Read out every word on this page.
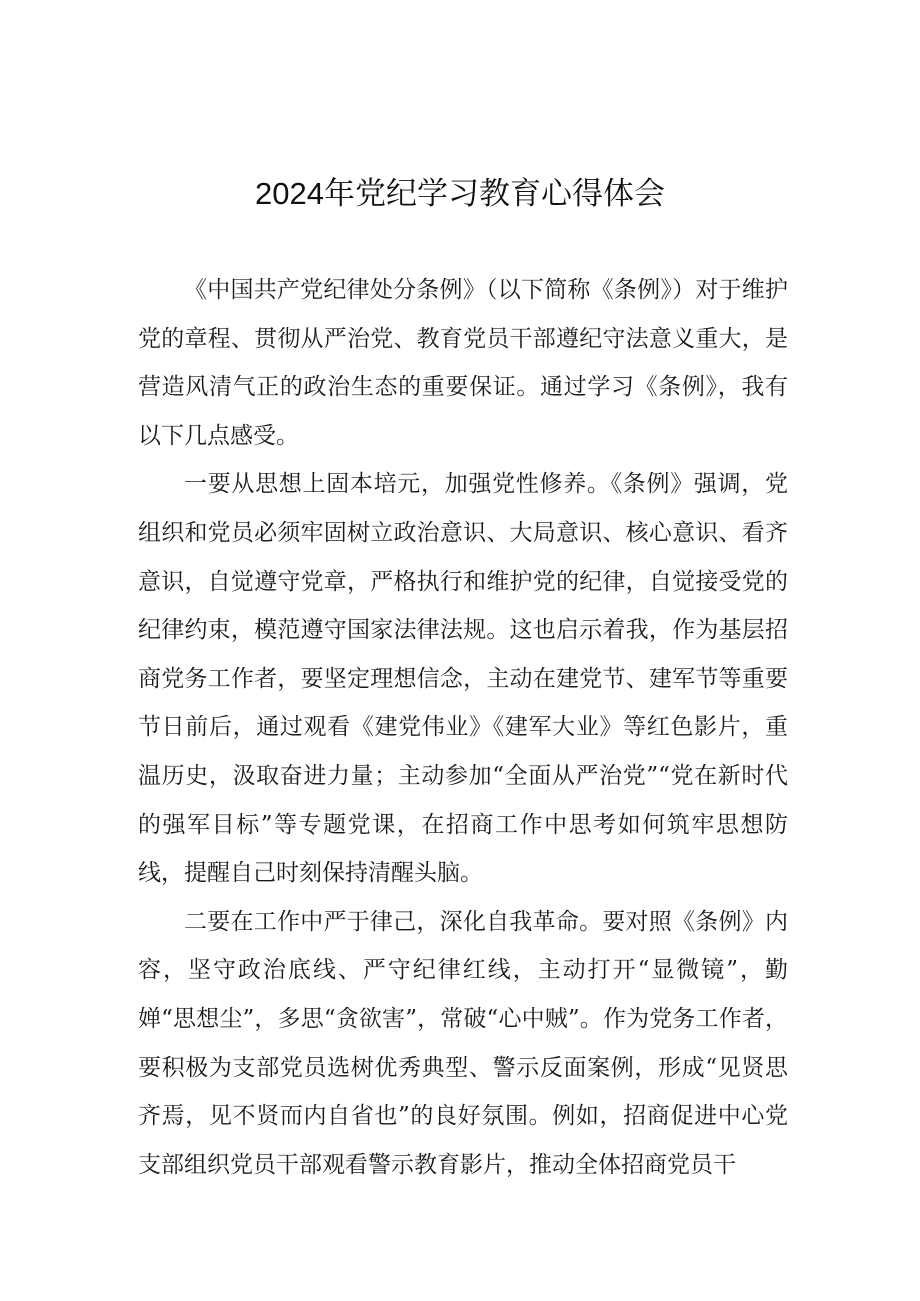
2024年党纪学习教育心得体会

《中国共产党纪律处分条例》（以下简称《条例》）对于维护党的章程、贯彻从严治党、教育党员干部遵纪守法意义重大，是营造风清气正的政治生态的重要保证。通过学习《条例》，我有以下几点感受。

一要从思想上固本培元，加强党性修养。《条例》强调，党组织和党员必须牢固树立政治意识、大局意识、核心意识、看齐意识，自觉遵守党章，严格执行和维护党的纪律，自觉接受党的纪律约束，模范遵守国家法律法规。这也启示着我，作为基层招商党务工作者，要坚定理想信念，主动在建党节、建军节等重要节日前后，通过观看《建党伟业》《建军大业》等红色影片，重温历史，汲取奋进力量；主动参加“全面从严治党”“党在新时代的强军目标”等专题党课，在招商工作中思考如何筑牢思想防线，提醒自己时刻保持清醒头脑。

二要在工作中严于律己，深化自我革命。要对照《条例》内容，坚守政治底线、严守纪律红线，主动打开“显微镜”，勤婵“思想尘”，多思“贪欲害”，常破“心中贼”。作为党务工作者，要积极为支部党员选树优秀典型、警示反面案例，形成“见贤思齐焉，见不贤而内自省也”的良好氛围。例如，招商促进中心党支部组织党员干部观看警示教育影片，推动全体招商党员干
